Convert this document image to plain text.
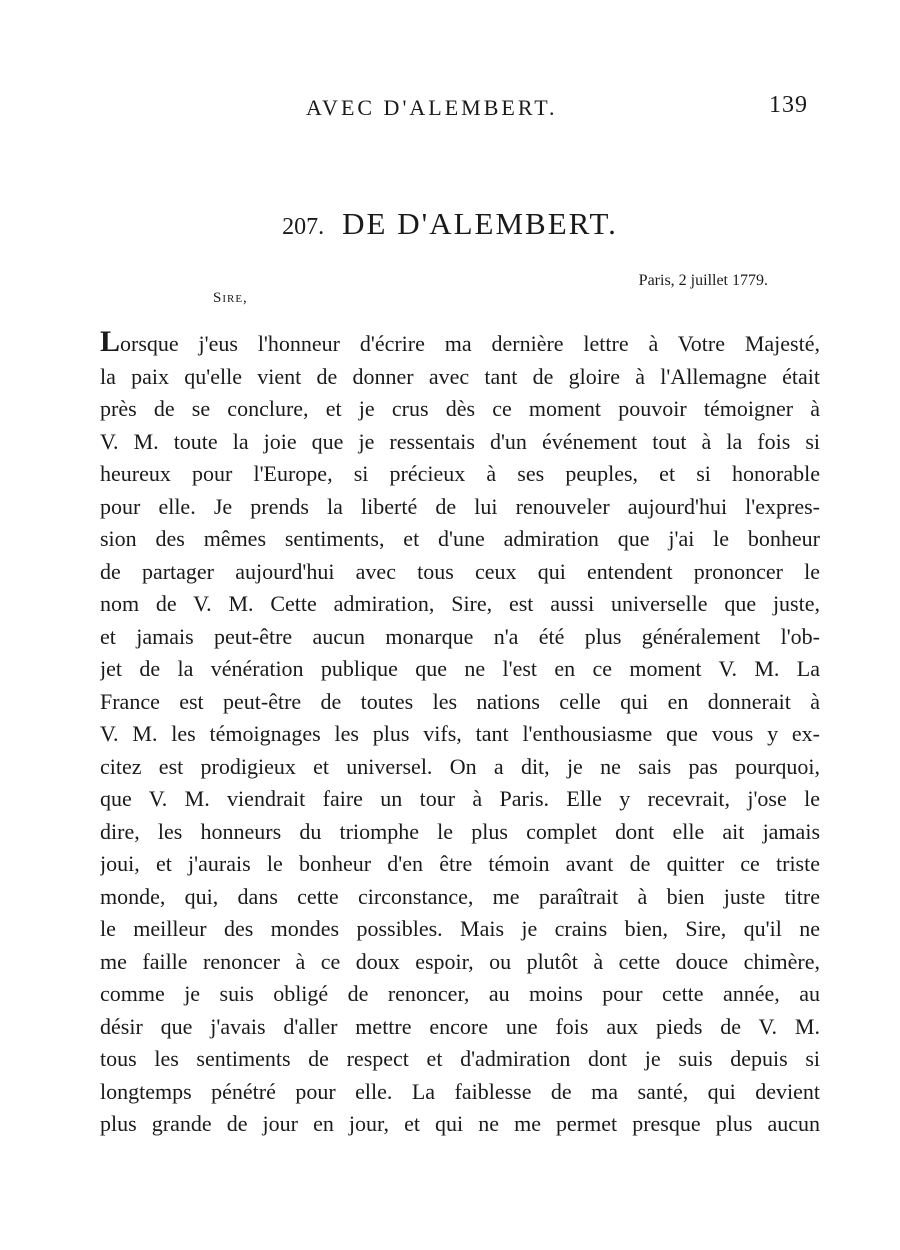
AVEC D'ALEMBERT.	139
207. DE D'ALEMBERT.
Paris, 2 juillet 1779.
Sire,
Lorsque j'eus l'honneur d'écrire ma dernière lettre à Votre Majesté,
la paix qu'elle vient de donner avec tant de gloire à l'Allemagne était
près de se conclure, et je crus dès ce moment pouvoir témoigner à
V. M. toute la joie que je ressentais d'un événement tout à la fois si
heureux pour l'Europe, si précieux à ses peuples, et si honorable
pour elle. Je prends la liberté de lui renouveler aujourd'hui l'expres-
sion des mêmes sentiments, et d'une admiration que j'ai le bonheur
de partager aujourd'hui avec tous ceux qui entendent prononcer le
nom de V. M. Cette admiration, Sire, est aussi universelle que juste,
et jamais peut-être aucun monarque n'a été plus généralement l'ob-
jet de la vénération publique que ne l'est en ce moment V. M. La
France est peut-être de toutes les nations celle qui en donnerait à
V. M. les témoignages les plus vifs, tant l'enthousiasme que vous y ex-
citez est prodigieux et universel. On a dit, je ne sais pas pourquoi,
que V. M. viendrait faire un tour à Paris. Elle y recevrait, j'ose le
dire, les honneurs du triomphe le plus complet dont elle ait jamais
joui, et j'aurais le bonheur d'en être témoin avant de quitter ce triste
monde, qui, dans cette circonstance, me paraîtrait à bien juste titre
le meilleur des mondes possibles. Mais je crains bien, Sire, qu'il ne
me faille renoncer à ce doux espoir, ou plutôt à cette douce chimère,
comme je suis obligé de renoncer, au moins pour cette année, au
désir que j'avais d'aller mettre encore une fois aux pieds de V. M.
tous les sentiments de respect et d'admiration dont je suis depuis si
longtemps pénétré pour elle. La faiblesse de ma santé, qui devient
plus grande de jour en jour, et qui ne me permet presque plus aucun
